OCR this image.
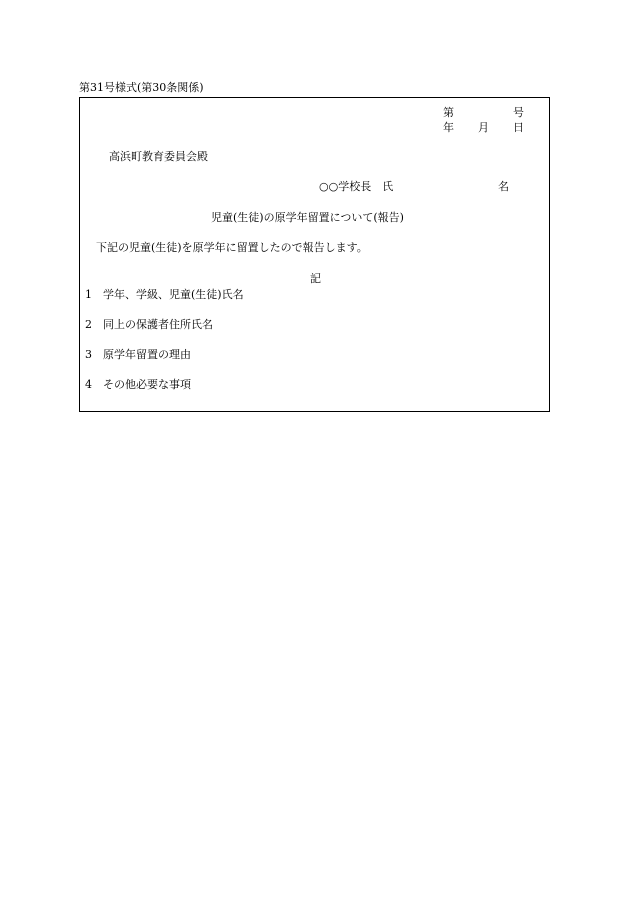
第31号様式(第30条関係)
第	号
年 月 日
高浜町教育委員会殿
○○学校長　氏	名
児童(生徒)の原学年留置について(報告)
下記の児童(生徒)を原学年に留置したので報告します。
記
1 学年、学級、児童(生徒)氏名
2 同上の保護者住所氏名
3 原学年留置の理由
4 その他必要な事項
